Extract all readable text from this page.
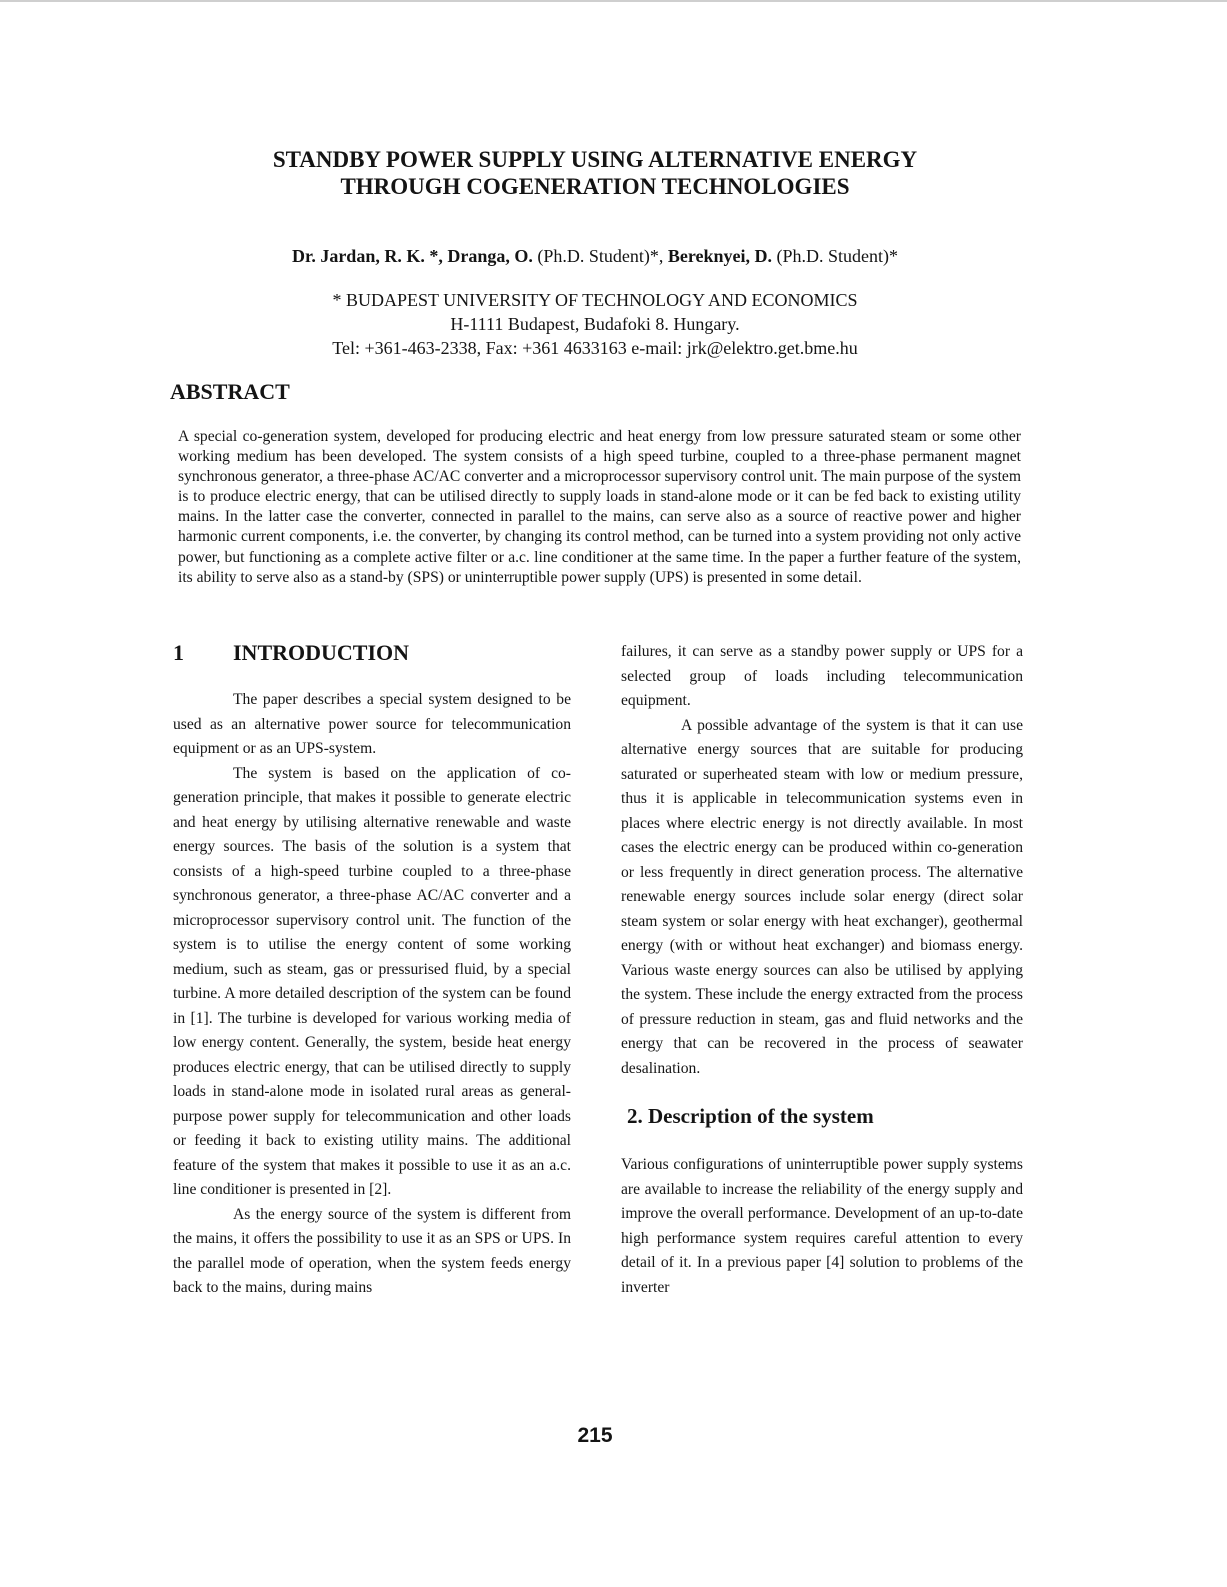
STANDBY POWER SUPPLY USING ALTERNATIVE ENERGY
THROUGH COGENERATION TECHNOLOGIES
Dr. Jardan, R. K. *, Dranga, O. (Ph.D. Student)*, Bereknyei, D. (Ph.D. Student)*
* BUDAPEST UNIVERSITY OF TECHNOLOGY AND ECONOMICS
H-1111 Budapest, Budafoki 8. Hungary.
Tel: +361-463-2338, Fax: +361 4633163 e-mail: jrk@elektro.get.bme.hu
ABSTRACT
A special co-generation system, developed for producing electric and heat energy from low pressure saturated steam or some other working medium has been developed. The system consists of a high speed turbine, coupled to a three-phase permanent magnet synchronous generator, a three-phase AC/AC converter and a microprocessor supervisory control unit. The main purpose of the system is to produce electric energy, that can be utilised directly to supply loads in stand-alone mode or it can be fed back to existing utility mains. In the latter case the converter, connected in parallel to the mains, can serve also as a source of reactive power and higher harmonic current components, i.e. the converter, by changing its control method, can be turned into a system providing not only active power, but functioning as a complete active filter or a.c. line conditioner at the same time. In the paper a further feature of the system, its ability to serve also as a stand-by (SPS) or uninterruptible power supply (UPS) is presented in some detail.
1	INTRODUCTION

The paper describes a special system designed to be used as an alternative power source for telecommunication equipment or as an UPS-system.

The system is based on the application of co-generation principle, that makes it possible to generate electric and heat energy by utilising alternative renewable and waste energy sources. The basis of the solution is a system that consists of a high-speed turbine coupled to a three-phase synchronous generator, a three-phase AC/AC converter and a microprocessor supervisory control unit. The function of the system is to utilise the energy content of some working medium, such as steam, gas or pressurised fluid, by a special turbine. A more detailed description of the system can be found in [1]. The turbine is developed for various working media of low energy content. Generally, the system, beside heat energy produces electric energy, that can be utilised directly to supply loads in stand-alone mode in isolated rural areas as general-purpose power supply for telecommunication and other loads or feeding it back to existing utility mains. The additional feature of the system that makes it possible to use it as an a.c. line conditioner is presented in [2].

As the energy source of the system is different from the mains, it offers the possibility to use it as an SPS or UPS. In the parallel mode of operation, when the system feeds energy back to the mains, during mains

failures, it can serve as a standby power supply or UPS for a selected group of loads including telecommunication equipment.

A possible advantage of the system is that it can use alternative energy sources that are suitable for producing saturated or superheated steam with low or medium pressure, thus it is applicable in telecommunication systems even in places where electric energy is not directly available. In most cases the electric energy can be produced within co-generation or less frequently in direct generation process. The alternative renewable energy sources include solar energy (direct solar steam system or solar energy with heat exchanger), geothermal energy (with or without heat exchanger) and biomass energy. Various waste energy sources can also be utilised by applying the system. These include the energy extracted from the process of pressure reduction in steam, gas and fluid networks and the energy that can be recovered in the process of seawater desalination.

2. Description of the system

Various configurations of uninterruptible power supply systems are available to increase the reliability of the energy supply and improve the overall performance. Development of an up-to-date high performance system requires careful attention to every detail of it. In a previous paper [4] solution to problems of the inverter

215
